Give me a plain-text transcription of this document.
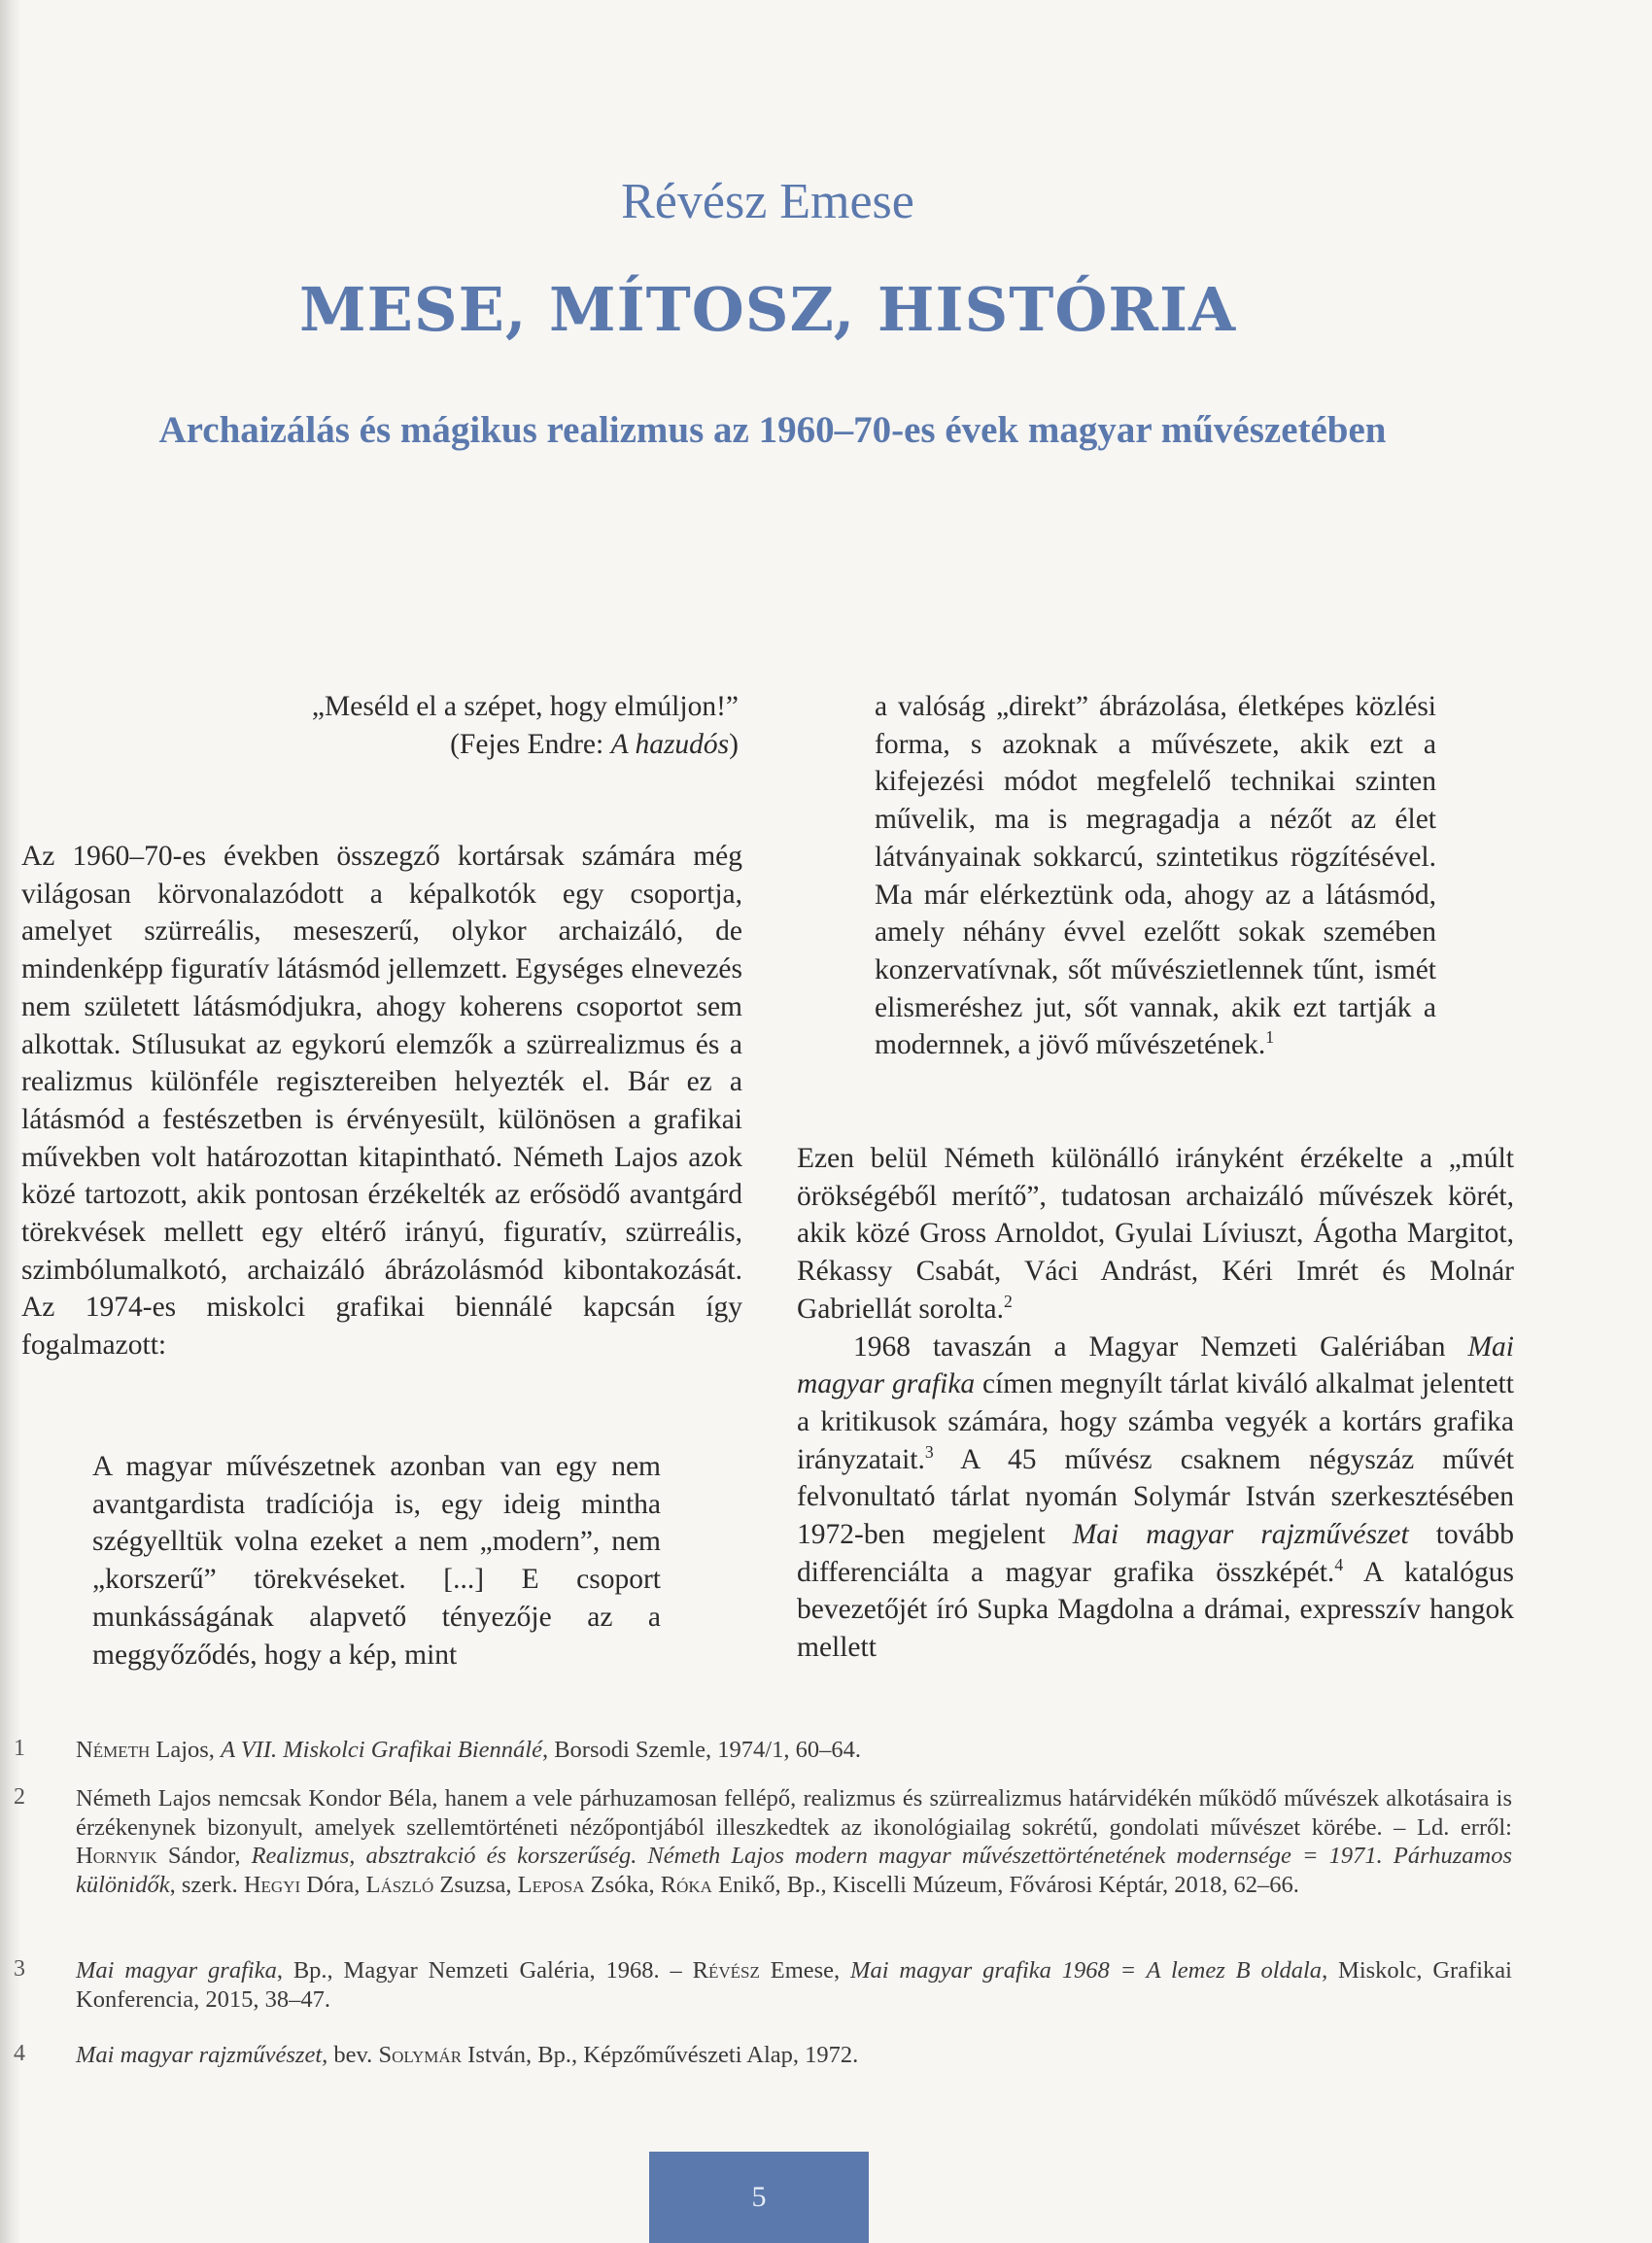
Révész Emese
MESE, MÍTOSZ, HISTÓRIA
Archaizálás és mágikus realizmus az 1960–70-es évek magyar művészetében
„Meséld el a szépet, hogy elmúljon!”
(Fejes Endre: A hazudós)

Az 1960–70-es években összegző kortársak számára még világosan körvonalazódott a képalkotók egy csoportja, amelyet szürreális, meseszerű, olykor archaizáló, de mindenképp figuratív látásmód jellemzett. Egységes elnevezés nem született látásmódjukra, ahogy koherens csoportot sem alkottak. Stílusukat az egykorú elemzők a szürrealizmus és a realizmus különféle regisztereiben helyezték el. Bár ez a látásmód a festészetben is érvényesült, különösen a grafikai művekben volt határozottan kitapintható. Németh Lajos azok közé tartozott, akik pontosan érzékelték az erősödő avantgárd törekvések mellett egy eltérő irányú, figuratív, szürreális, szimbólumalkotó, archaizáló ábrázolásmód kibontakozását. Az 1974-es miskolci grafikai biennálé kapcsán így fogalmazott:

A magyar művészetnek azonban van egy nem avantgardista tradíciója is, egy ideig mintha szégyelltük volna ezeket a nem „modern”, nem „korszerű” törekvéseket. [...] E csoport munkásságának alapvető tényezője az a meggyőződés, hogy a kép, mint

a valóság „direkt” ábrázolása, életképes közlési forma, s azoknak a művészete, akik ezt a kifejezési módot megfelelő technikai szinten művelik, ma is megragadja a nézőt az élet látványainak sokkarcú, szintetikus rögzítésével. Ma már elérkeztünk oda, ahogy az a látásmód, amely néhány évvel ezelőtt sokak szemében konzervatívnak, sőt művészietlennek tűnt, ismét elismeréshez jut, sőt vannak, akik ezt tartják a modernnek, a jövő művészetének.$^1$

Ezen belül Németh különálló irányként érzékelte a „múlt örökségéből merítő”, tudatosan archaizáló művészek körét, akik közé Gross Arnoldot, Gyulai Líviuszt, Ágotha Margitot, Rékassy Csabát, Váci Andrást, Kéri Imrét és Molnár Gabriellát sorolta.$^2$

1968 tavaszán a Magyar Nemzeti Galériában Mai magyar grafika címen megnyílt tárlat kiváló alkalmat jelentett a kritikusok számára, hogy számba vegyék a kortárs grafika irányzatait.$^3$ A 45 művész csaknem négyszáz művét felvonultató tárlat nyomán Solymár István szerkesztésében 1972-ben megjelent Mai magyar rajzművészet tovább differenciálta a magyar grafika összképét.$^4$ A katalógus bevezetőjét író Supka Magdolna a drámai, expresszív hangok mellett

1 Németh Lajos, A VII. Miskolci Grafikai Biennálé, Borsodi Szemle, 1974/1, 60–64.
2 Németh Lajos nemcsak Kondor Béla, hanem a vele párhuzamosan fellépő, realizmus és szürrealizmus határvidékén működő művészek alkotásaira is érzékenynek bizonyult, amelyek szellemtörténeti nézőpontjából illeszkedtek az ikonológiailag sokrétű, gondolati művészet körébe. – Ld. erről: Hornyik Sándor, Realizmus, absztrakció és korszerűség. Németh Lajos modern magyar művészettörténetének modernsége = 1971. Párhuzamos különidők, szerk. Hegyi Dóra, László Zsuzsa, Leposa Zsóka, Róka Enikő, Bp., Kiscelli Múzeum, Fővárosi Képtár, 2018, 62–66.
3 Mai magyar grafika, Bp., Magyar Nemzeti Galéria, 1968. – Révész Emese, Mai magyar grafika 1968 = A lemez B oldala, Miskolc, Grafikai Konferencia, 2015, 38–47.
4 Mai magyar rajzművészet, bev. Solymár István, Bp., Képzőművészeti Alap, 1972.
5
